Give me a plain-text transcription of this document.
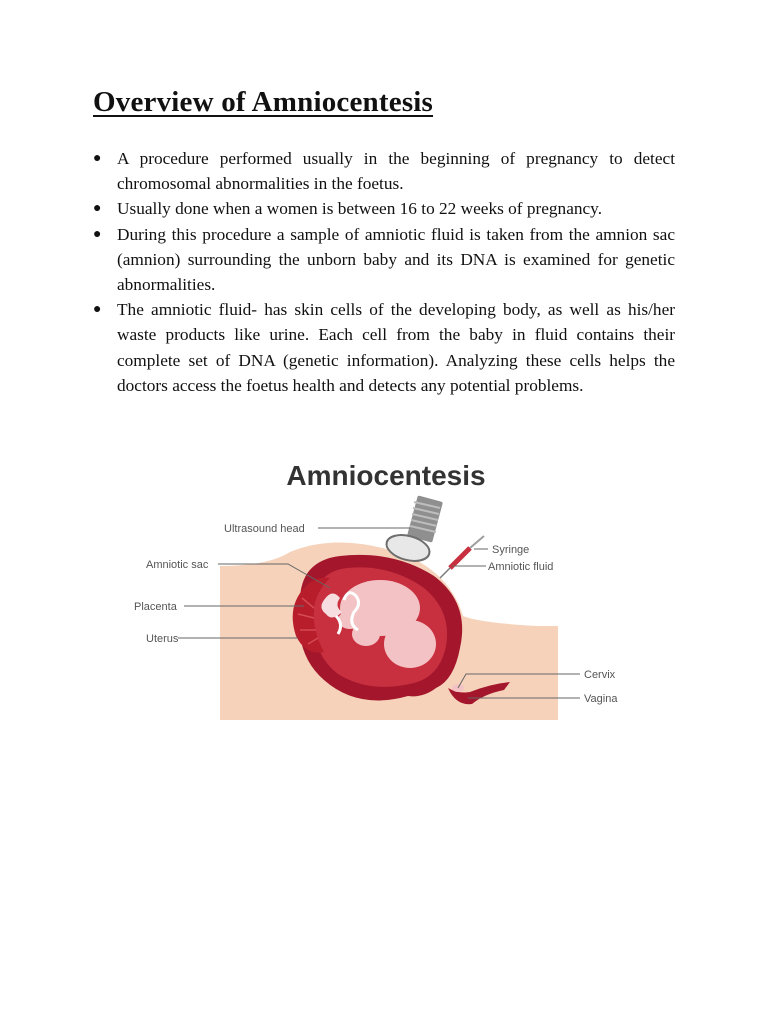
Overview of Amniocentesis
● A procedure performed usually in the beginning of pregnancy to detect chromosomal abnormalities in the foetus.
● Usually done when a women is between 16 to 22 weeks of pregnancy.
● During this procedure a sample of amniotic fluid is taken from the amnion sac (amnion) surrounding the unborn baby and its DNA is examined for genetic abnormalities.
● The amniotic fluid- has skin cells of the developing body, as well as his/her waste products like urine. Each cell from the baby in fluid contains their complete set of DNA (genetic information). Analyzing these cells helps the doctors access the foetus health and detects any potential problems.
Amniocentesis
Ultrasound head
Amniotic sac
Placenta
Uterus
Syringe
Amniotic fluid
Cervix
Vagina
